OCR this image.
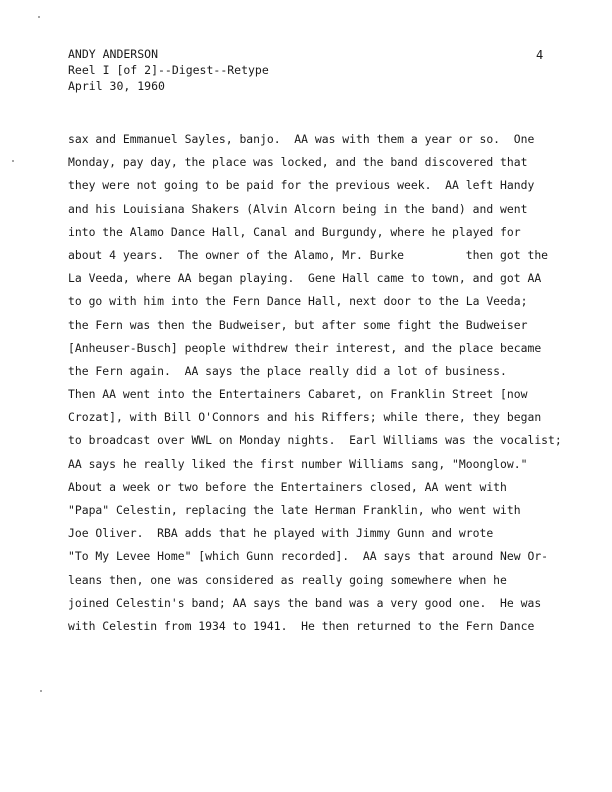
ANDY ANDERSON
Reel I [of 2]--Digest--Retype
April 30, 1960
4
sax and Emmanuel Sayles, banjo.  AA was with them a year or so.  One
Monday, pay day, the place was locked, and the band discovered that
they were not going to be paid for the previous week.  AA left Handy
and his Louisiana Shakers (Alvin Alcorn being in the band) and went
into the Alamo Dance Hall, Canal and Burgundy, where he played for
about 4 years.  The owner of the Alamo, Mr. Burke         then got the
La Veeda, where AA began playing.  Gene Hall came to town, and got AA
to go with him into the Fern Dance Hall, next door to the La Veeda;
the Fern was then the Budweiser, but after some fight the Budweiser
[Anheuser-Busch] people withdrew their interest, and the place became
the Fern again.  AA says the place really did a lot of business.
Then AA went into the Entertainers Cabaret, on Franklin Street [now
Crozat], with Bill O'Connors and his Riffers; while there, they began
to broadcast over WWL on Monday nights.  Earl Williams was the vocalist;
AA says he really liked the first number Williams sang, "Moonglow."
About a week or two before the Entertainers closed, AA went with
"Papa" Celestin, replacing the late Herman Franklin, who went with
Joe Oliver.  RBA adds that he played with Jimmy Gunn and wrote
"To My Levee Home" [which Gunn recorded].  AA says that around New Or-
leans then, one was considered as really going somewhere when he
joined Celestin's band; AA says the band was a very good one.  He was
with Celestin from 1934 to 1941.  He then returned to the Fern Dance
